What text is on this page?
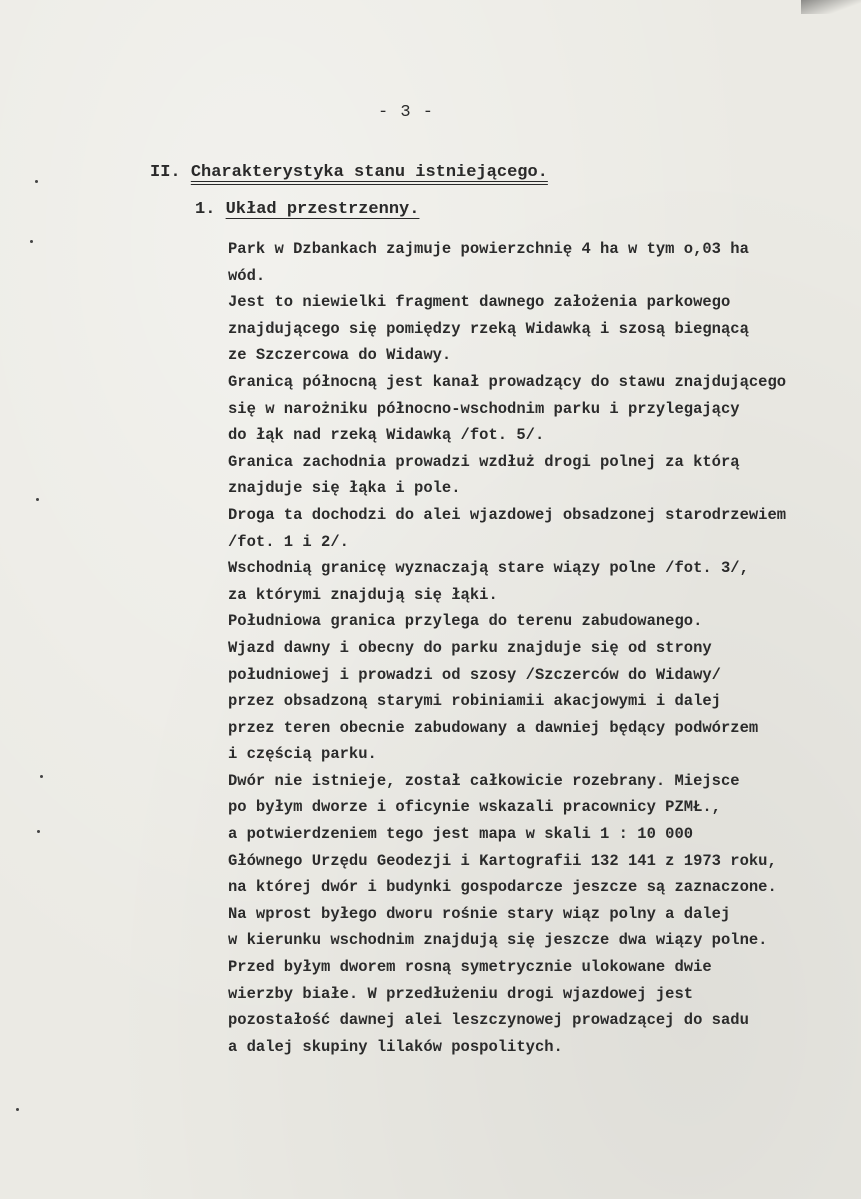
- 3 -
II. Charakterystyka stanu istniejącego.
1. Układ przestrzenny.
Park w Dzbankach zajmuje powierzchnię 4 ha w tym o,03 ha
wód.
Jest to niewielki fragment dawnego założenia parkowego
znajdującego się pomiędzy rzeką Widawką i szosą biegnącą
ze Szczercowa do Widawy.
Granicą północną jest kanał prowadzący do stawu znajdującego
się w narożniku północno-wschodnim parku i przylegający
do łąk nad rzeką Widawką /fot. 5/.
Granica zachodnia prowadzi wzdłuż drogi polnej za którą
znajduje się łąka i pole.
Droga ta dochodzi do alei wjazdowej obsadzonej starodrzewiem
/fot. 1 i 2/.
Wschodnią granicę wyznaczają stare wiązy polne /fot. 3/,
za którymi znajdują się łąki.
Południowa granica przylega do terenu zabudowanego.
Wjazd dawny i obecny do parku znajduje się od strony
południowej i prowadzi od szosy /Szczerców do Widawy/
przez obsadzoną starymi robiniamii akacjowymi i dalej
przez teren obecnie zabudowany a dawniej będący podwórzem
i częścią parku.
Dwór nie istnieje, został całkowicie rozebrany. Miejsce
po byłym dworze i oficynie wskazali pracownicy PZMŁ.,
a potwierdzeniem tego jest mapa w skali 1 : 10 000
Głównego Urzędu Geodezji i Kartografii 132 141 z 1973 roku,
na której dwór i budynki gospodarcze jeszcze są zaznaczone.
Na wprost byłego dworu rośnie stary wiąz polny a dalej
w kierunku wschodnim znajdują się jeszcze dwa wiązy polne.
Przed byłym dworem rosną symetrycznie ulokowane dwie
wierzby białe. W przedłużeniu drogi wjazdowej jest
pozostałość dawnej alei leszczynowej prowadzącej do sadu
a dalej skupiny lilaków pospolitych.
